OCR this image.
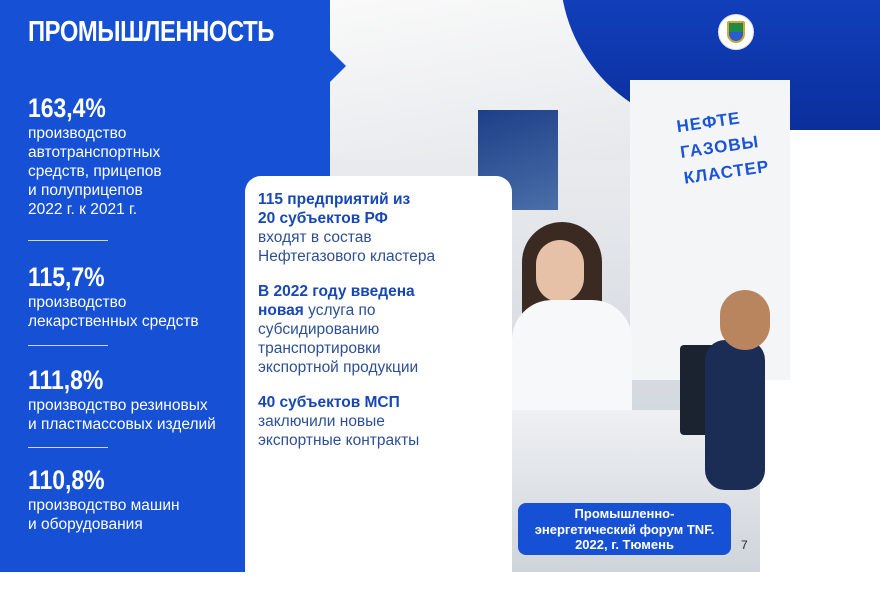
НЕФТЕ
ГАЗОВЫ
КЛАСТЕР
ПРОМЫШЛЕННОСТЬ
163,4%
производство
автотранспортных
средств, прицепов
и полуприцепов
2022 г. к 2021 г.
115,7%
производство
лекарственных средств
111,8%
производство резиновых
и пластмассовых изделий
110,8%
производство машин
и оборудования

115 предприятий из 20 субъектов РФ
входят в состав Нефтегазового кластера

В 2022 году введена новая услуга по субсидированию транспортировки экспортной продукции

40 субъектов МСП
заключили новые экспортные контракты

Промышленно-энергетический форум TNF. 2022, г. Тюмень	7
